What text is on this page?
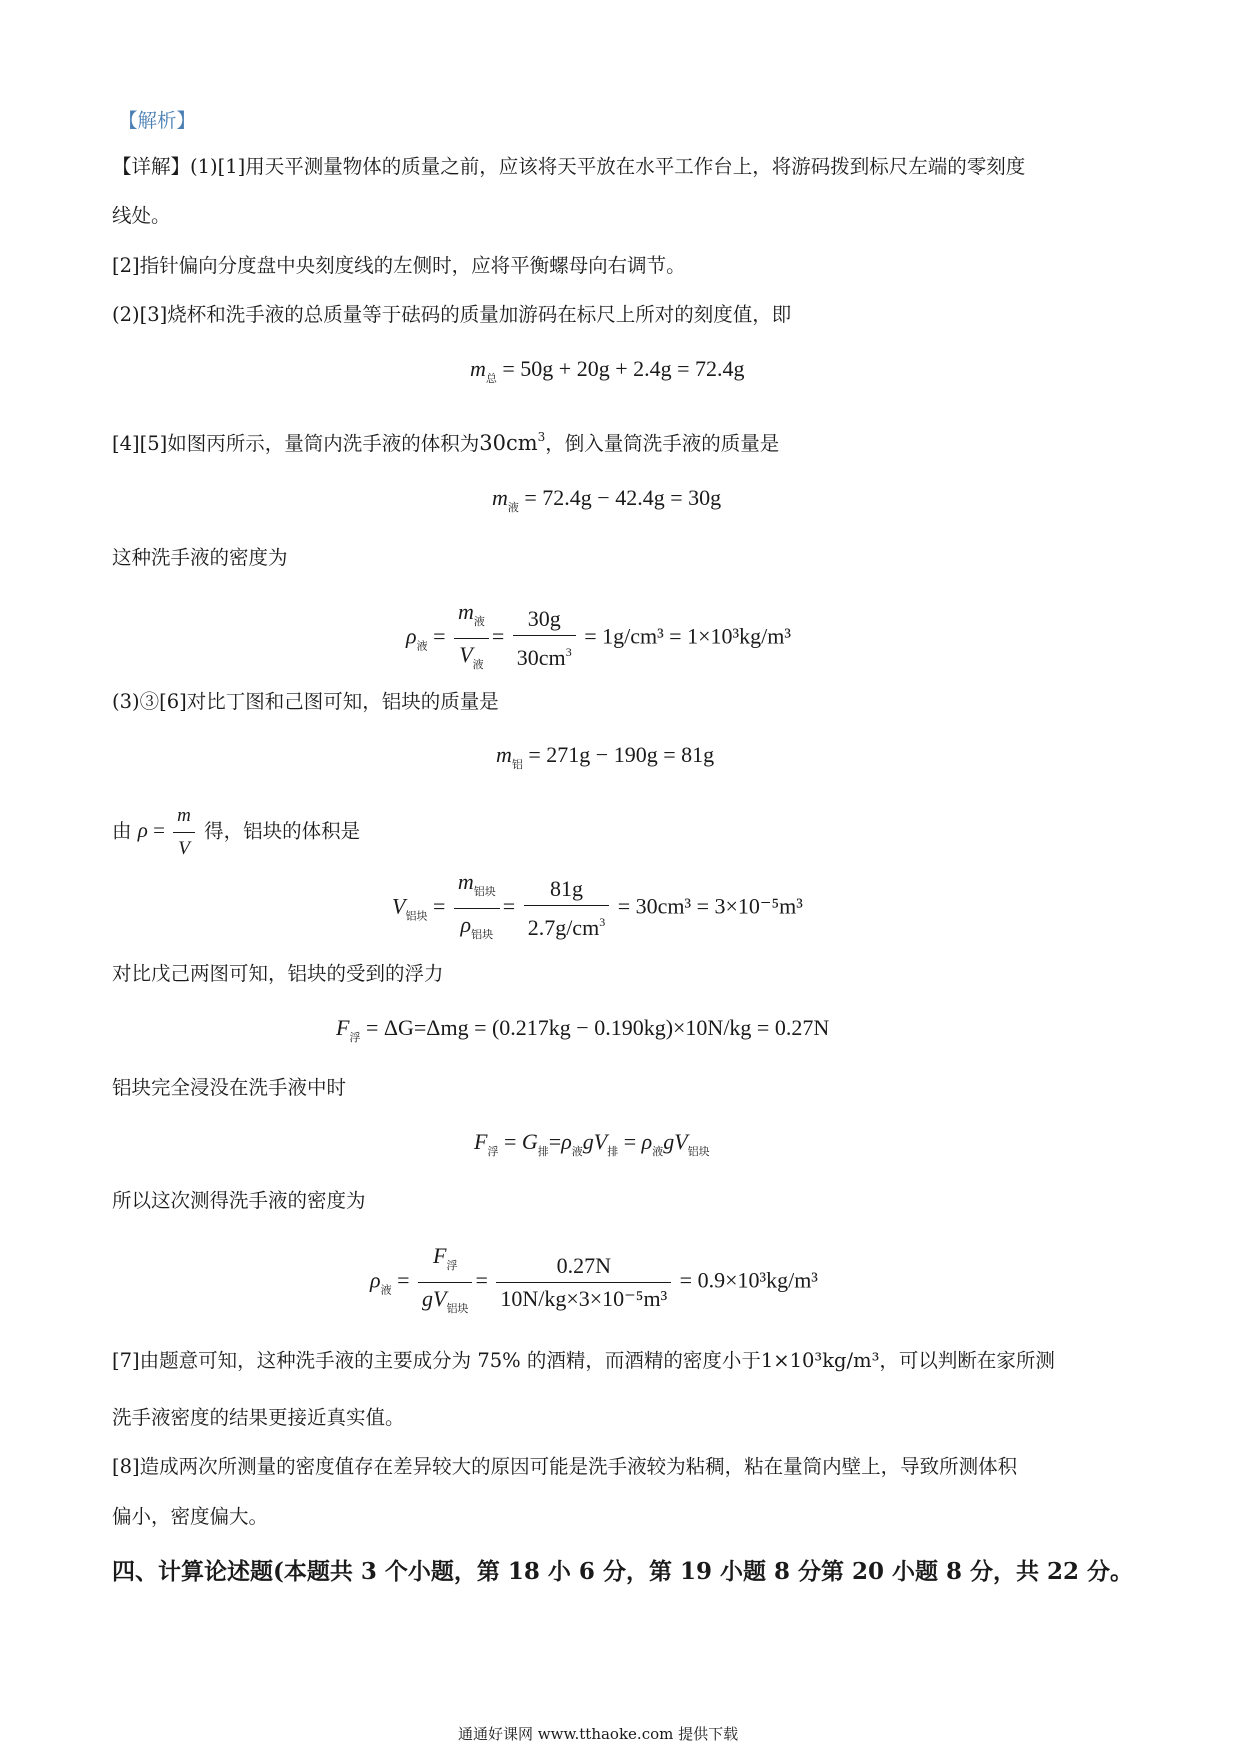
【解析】
【详解】(1)[1]用天平测量物体的质量之前，应该将天平放在水平工作台上，将游码拨到标尺左端的零刻度
线处。
[2]指针偏向分度盘中央刻度线的左侧时，应将平衡螺母向右调节。
(2)[3]烧杯和洗手液的总质量等于砝码的质量加游码在标尺上所对的刻度值，即
$m_总 = 50g + 20g + 2.4g = 72.4g$
[4][5]如图丙所示，量筒内洗手液的体积为$30cm^3$，倒入量筒洗手液的质量是
$m_液 = 72.4g - 42.4g = 30g$
这种洗手液的密度为
$\rho_液 = \frac{m_液}{V_液} = \frac{30g}{30cm^3} = 1g/cm^3 = 1\times 10^3kg/m^3$
(3)③[6]对比丁图和己图可知，铝块的质量是
$m_铝 = 271g - 190g = 81g$
由 $\rho = \frac{m}{V}$ 得，铝块的体积是
$V_{铝块} = \frac{m_{铝块}}{\rho_{铝块}} = \frac{81g}{2.7g/cm^3} = 30cm^3 = 3\times 10^{-5}m^3$
对比戊己两图可知，铝块的受到的浮力
$F_浮 = \Delta G=\Delta mg = (0.217kg - 0.190kg)\times 10N/kg = 0.27N$
铝块完全浸没在洗手液中时
$F_浮 = G_排=\rho_液gV_排 = \rho_液gV_{铝块}$
所以这次测得洗手液的密度为
$\rho_液 = \frac{F_浮}{gV_{铝块}} = \frac{0.27N}{\text{10N/kg×3×10⁻⁵m³}} = 0.9\times 10^3kg/m^3$
[7]由题意可知，这种洗手液的主要成分为 75% 的酒精，而酒精的密度小于1×10³kg/m³，可以判断在家所测
洗手液密度的结果更接近真实值。
[8]造成两次所测量的密度值存在差异较大的原因可能是洗手液较为粘稠，粘在量筒内壁上，导致所测体积
偏小，密度偏大。
四、计算论述题(本题共 3 个小题，第 18 小 6 分，第 19 小题 8 分第 20 小题 8 分，共 22 分。
通通好课网 www.tthaoke.com 提供下载
